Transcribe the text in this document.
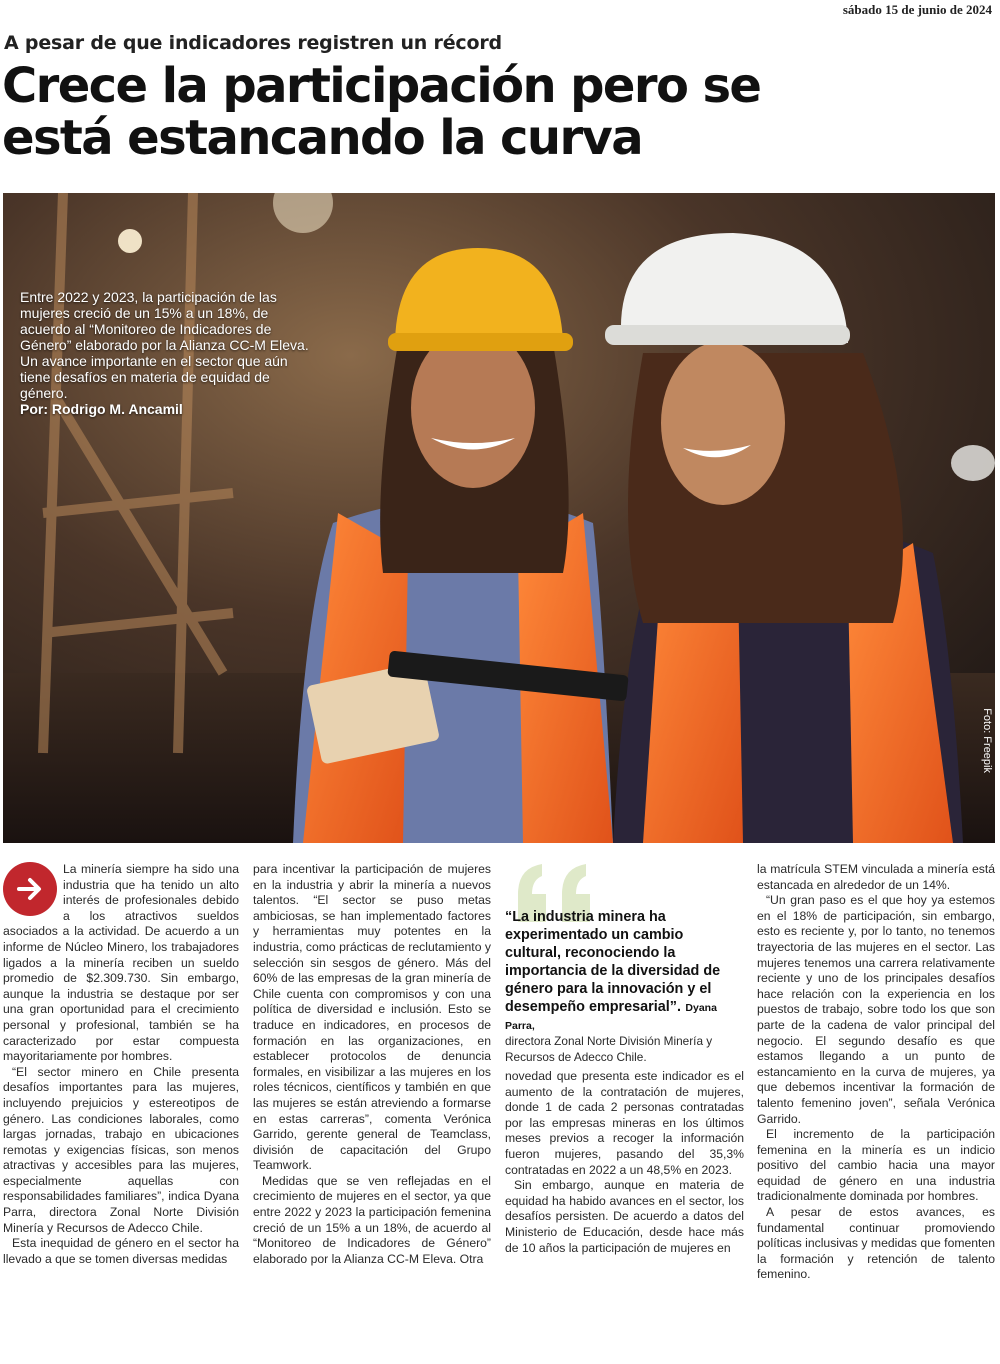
sábado 15 de junio de 2024
A pesar de que indicadores registren un récord
Crece la participación pero se está estancando la curva
Entre 2022 y 2023, la participación de las mujeres creció de un 15% a un 18%, de acuerdo al “Monitoreo de Indicadores de Género” elaborado por la Alianza CC-M Eleva. Un avance importante en el sector que aún tiene desafíos en materia de equidad de género.
Por: Rodrigo M. Ancamil
Foto: Freepik

La minería siempre ha sido una industria que ha tenido un alto interés de profesionales debido a los atractivos sueldos asociados a la actividad. De acuerdo a un informe de Núcleo Minero, los trabajadores ligados a la minería reciben un sueldo promedio de $2.309.730. Sin embargo, aunque la industria se destaque por ser una gran oportunidad para el crecimiento personal y profesional, también se ha caracterizado por estar compuesta mayoritariamente por hombres.

“El sector minero en Chile presenta desafíos importantes para las mujeres, incluyendo prejuicios y estereotipos de género. Las condiciones laborales, como largas jornadas, trabajo en ubicaciones remotas y exigencias físicas, son menos atractivas y accesibles para las mujeres, especialmente aquellas con responsabilidades familiares”, indica Dyana Parra, directora Zonal Norte División Minería y Recursos de Adecco Chile.

Esta inequidad de género en el sector ha llevado a que se tomen diversas medidas

para incentivar la participación de mujeres en la industria y abrir la minería a nuevos talentos. “El sector se puso metas ambiciosas, se han implementado factores y herramientas muy potentes en la industria, como prácticas de reclutamiento y selección sin sesgos de género. Más del 60% de las empresas de la gran minería de Chile cuenta con compromisos y con una política de diversidad e inclusión. Esto se traduce en indicadores, en procesos de formación en las organizaciones, en establecer protocolos de denuncia formales, en visibilizar a las mujeres en los roles técnicos, científicos y también en que las mujeres se están atreviendo a formarse en estas carreras”, comenta Verónica Garrido, gerente general de Teamclass, división de capacitación del Grupo Teamwork.

Medidas que se ven reflejadas en el crecimiento de mujeres en el sector, ya que entre 2022 y 2023 la participación femenina creció de un 15% a un 18%, de acuerdo al “Monitoreo de Indicadores de Género” elaborado por la Alianza CC-M Eleva. Otra

“La industria minera ha experimentado un cambio cultural, reconociendo la importancia de la diversidad de género para la innovación y el desempeño empresarial”. Dyana Parra,
directora Zonal Norte División Minería y Recursos de Adecco Chile.

novedad que presenta este indicador es el aumento de la contratación de mujeres, donde 1 de cada 2 personas contratadas por las empresas mineras en los últimos meses previos a recoger la información fueron mujeres, pasando del 35,3% contratadas en 2022 a un 48,5% en 2023.

Sin embargo, aunque en materia de equidad ha habido avances en el sector, los desafíos persisten. De acuerdo a datos del Ministerio de Educación, desde hace más de 10 años la participación de mujeres en

la matrícula STEM vinculada a minería está estancada en alrededor de un 14%.

“Un gran paso es el que hoy ya estemos en el 18% de participación, sin embargo, esto es reciente y, por lo tanto, no tenemos trayectoria de las mujeres en el sector. Las mujeres tenemos una carrera relativamente reciente y uno de los principales desafíos hace relación con la experiencia en los puestos de trabajo, sobre todo los que son parte de la cadena de valor principal del negocio. El segundo desafío es que estamos llegando a un punto de estancamiento en la curva de mujeres, ya que debemos incentivar la formación de talento femenino joven”, señala Verónica Garrido.

El incremento de la participación femenina en la minería es un indicio positivo del cambio hacia una mayor equidad de género en una industria tradicionalmente dominada por hombres.

A pesar de estos avances, es fundamental continuar promoviendo políticas inclusivas y medidas que fomenten la formación y retención de talento femenino.
